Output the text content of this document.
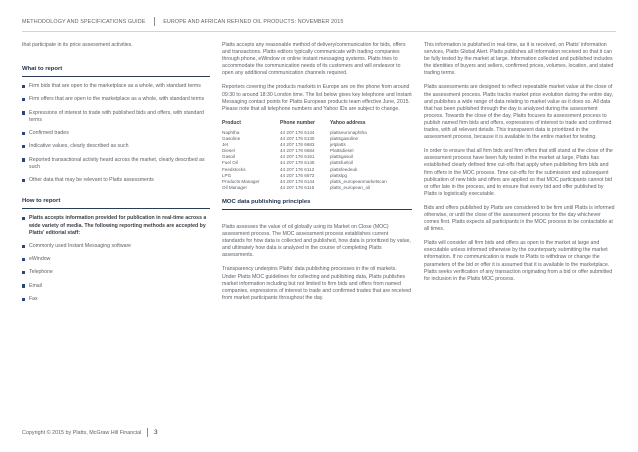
METHODOLOGY AND SPECIFICATIONS GUIDE	EUROPE AND AFRICAN REFINED OIL PRODUCTS: NOVEMBER 2015

that participate in its price assessment activities.

What to report
Firm bids that are open to the marketplace as a whole, with standard terms
Firm offers that are open to the marketplace as a whole, with standard terms
Expressions of interest to trade with published bids and offers, with standard terms
Confirmed trades
Indicative values, clearly described as such
Reported transactional activity heard across the market, clearly described as such
Other data that may be relevant to Platts assessments
How to report
Platts accepts information provided for publication in real-time across a wide variety of media. The following reporting methods are accepted by Platts' editorial staff:
Commonly used Instant Messaging software
eWindow
Telephone
Email
Fax

Platts accepts any reasonable method of delivery/communication for bids, offers and transactions. Platts editors typically communicate with trading companies through phone, eWindow or online instant messaging systems. Platts tries to accommodate the communication needs of its customers and will endeavor to open any additional communication channels required.

Reporters covering the products markets in Europe are on the phone from around 09:30 to around 18:30 London time. The list below gives key telephone and Instant Messaging contact points for Platts European products team effective June, 2015. Please note that all telephone numbers and Yahoo IDs are subject to change.

Product	Phone number	Yahoo address
Naphtha	44 207 176 6144	plattseuronaphtha
Gasoline	44 207 176 6130	plattsgasoline
Jet	44 207 176 6683	jetplatts
Diesel	44 207 176 6684	Plattsdiesel
Gasoil	44 207 176 6161	plattsgasoil
Fuel Oil	44 207 176 6145	plattsfueloil
Feedstocks	44 207 176 6112	plattsfeedeuk
LPG	44 207 176 6672	plattslpg
Products Manager	44 207 176 6144	platts_europeanmarketscan
Oil Manager	44 207 176 6115	platts_european_oil
MOC data publishing principles

Platts assesses the value of oil globally using its Market on Close (MOC) assessment process. The MOC assessment process establishes current standards for how data is collected and published, how data is prioritized by value, and ultimately how data is analyzed in the course of completing Platts assessments.

Transparency underpins Platts' data publishing processes in the oil markets. Under Platts MOC guidelines for collecting and publishing data, Platts publishes market information including but not limited to firm bids and offers from named companies, expressions of interest to trade and confirmed trades that are received from market participants throughout the day.

This information is published in real-time, as it is received, on Platts' information services, Platts Global Alert. Platts publishes all information received so that it can be fully tested by the market at large. Information collected and published includes the identities of buyers and sellers, confirmed prices, volumes, location, and stated trading terms.

Platts assessments are designed to reflect repeatable market value at the close of the assessment process. Platts tracks market price evolution during the entire day, and publishes a wide range of data relating to market value as it does so. All data that has been published through the day is analyzed during the assessment process. Towards the close of the day, Platts focuses its assessment process to publish named firm bids and offers, expressions of interest to trade and confirmed trades, with all relevant details. This transparent data is prioritized in the assessment process, because it is available to the entire market for testing.

In order to ensure that all firm bids and firm offers that still stand at the close of the assessment process have been fully tested in the market at large, Platts has established clearly defined time cut-offs that apply when publishing firm bids and firm offers in the MOC process. Time cut-offs for the submission and subsequent publication of new bids and offers are applied so that MOC participants cannot bid or offer late in the process, and to ensure that every bid and offer published by Platts is logistically executable.

Bids and offers published by Platts are considered to be firm until Platts is informed otherwise, or until the close of the assessment process for the day whichever comes first. Platts expects all participants in the MOC process to be contactable at all times.

Platts will consider all firm bids and offers as open to the market at large and executable unless informed otherwise by the counterparty submitting the market information. If no communication is made to Platts to withdraw or change the parameters of the bid or offer it is assumed that it is available to the marketplace. Platts seeks verification of any transaction originating from a bid or offer submitted for inclusion in the Platts MOC process.

Copyright © 2015 by Platts, McGraw Hill Financial 3
